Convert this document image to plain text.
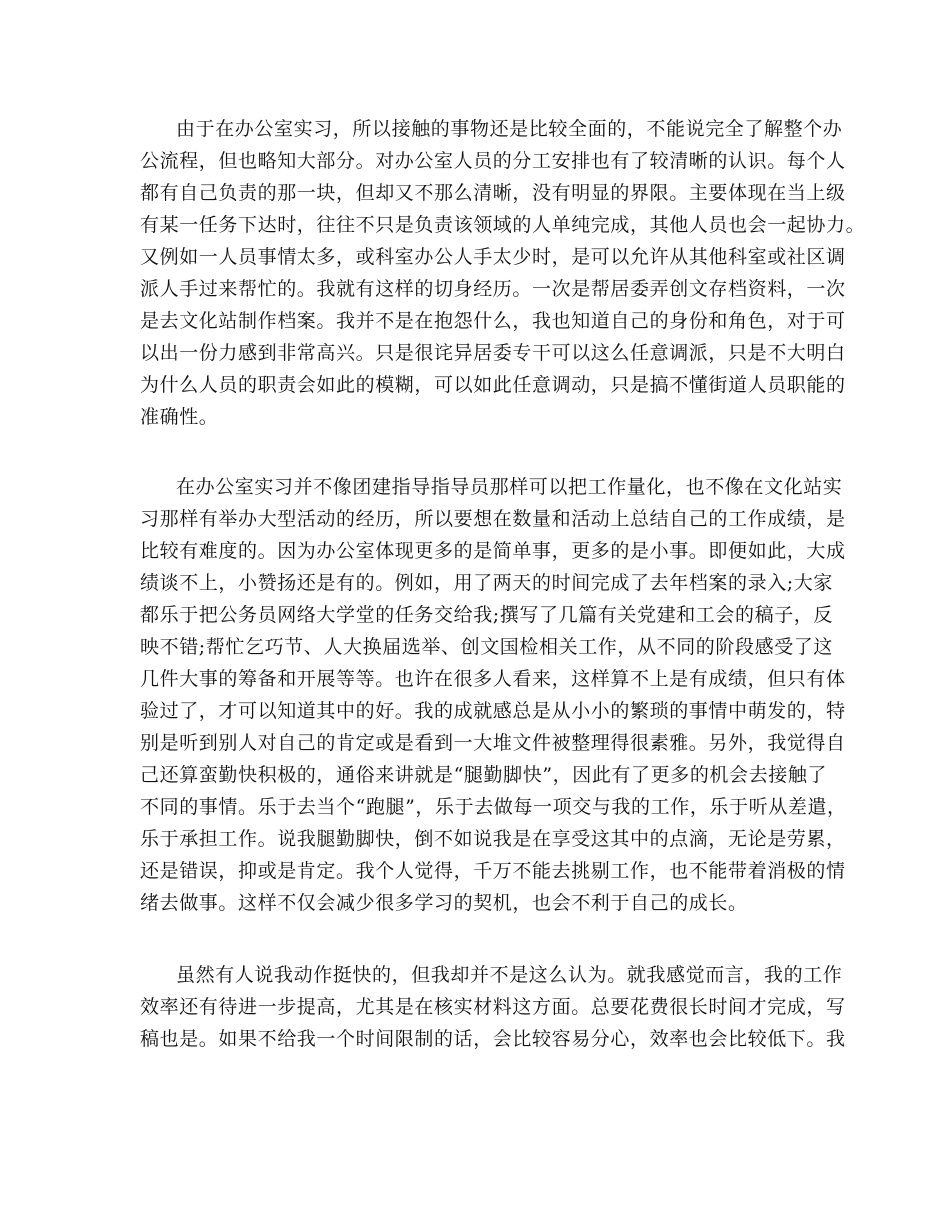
由于在办公室实习，所以接触的事物还是比较全面的，不能说完全了解整个办
公流程，但也略知大部分。对办公室人员的分工安排也有了较清晰的认识。每个人
都有自己负责的那一块，但却又不那么清晰，没有明显的界限。主要体现在当上级
有某一任务下达时，往往不只是负责该领域的人单纯完成，其他人员也会一起协力。
又例如一人员事情太多，或科室办公人手太少时，是可以允许从其他科室或社区调
派人手过来帮忙的。我就有这样的切身经历。一次是帮居委弄创文存档资料，一次
是去文化站制作档案。我并不是在抱怨什么，我也知道自己的身份和角色，对于可
以出一份力感到非常高兴。只是很诧异居委专干可以这么任意调派，只是不大明白
为什么人员的职责会如此的模糊，可以如此任意调动，只是搞不懂街道人员职能的
准确性。
在办公室实习并不像团建指导指导员那样可以把工作量化，也不像在文化站实
习那样有举办大型活动的经历，所以要想在数量和活动上总结自己的工作成绩，是
比较有难度的。因为办公室体现更多的是简单事，更多的是小事。即便如此，大成
绩谈不上，小赞扬还是有的。例如，用了两天的时间完成了去年档案的录入;大家
都乐于把公务员网络大学堂的任务交给我;撰写了几篇有关党建和工会的稿子，反
映不错;帮忙乞巧节、人大换届选举、创文国检相关工作，从不同的阶段感受了这
几件大事的筹备和开展等等。也许在很多人看来，这样算不上是有成绩，但只有体
验过了，才可以知道其中的好。我的成就感总是从小小的繁琐的事情中萌发的，特
别是听到别人对自己的肯定或是看到一大堆文件被整理得很素雅。另外，我觉得自
己还算蛮勤快积极的，通俗来讲就是“腿勤脚快”，因此有了更多的机会去接触了
不同的事情。乐于去当个“跑腿”，乐于去做每一项交与我的工作，乐于听从差遣，
乐于承担工作。说我腿勤脚快，倒不如说我是在享受这其中的点滴，无论是劳累，
还是错误，抑或是肯定。我个人觉得，千万不能去挑剔工作，也不能带着消极的情
绪去做事。这样不仅会减少很多学习的契机，也会不利于自己的成长。
虽然有人说我动作挺快的，但我却并不是这么认为。就我感觉而言，我的工作
效率还有待进一步提高，尤其是在核实材料这方面。总要花费很长时间才完成，写
稿也是。如果不给我一个时间限制的话，会比较容易分心，效率也会比较低下。我
